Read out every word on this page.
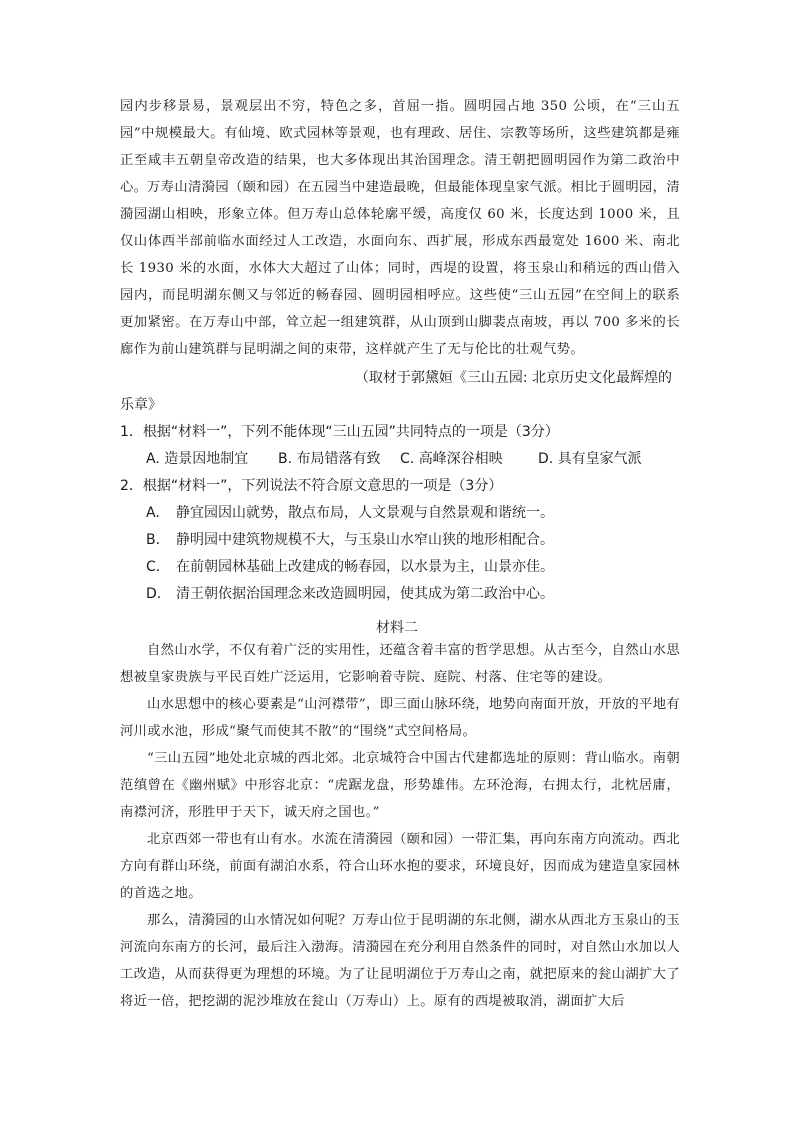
园内步移景易，景观层出不穷，特色之多，首屈一指。圆明园占地 350 公顷，在“三山五园”中规模最大。有仙境、欧式园林等景观，也有理政、居住、宗教等场所，这些建筑都是雍正至咸丰五朝皇帝改造的结果，也大多体现出其治国理念。清王朝把圆明园作为第二政治中心。 万寿山清漪园（颐和园）在五园当中建造最晚，但最能体现皇家气派。相比于圆明园，清漪园湖山相映，形象立体。但万寿山总体轮廓平缓，高度仅 60 米，长度达到 1000 米，且仅山体西半部前临水面经过人工改造，水面向东、西扩展，形成东西最宽处 1600 米、南北长 1930 米的水面，水体大大超过了山体；同时，西堤的设置，将玉泉山和稍远的西山借入园内，而昆明湖东侧又与邻近的畅春园、圆明园相呼应。这些使“三山五园”在空间上的联系更加紧密。在万寿山中部，耸立起一组建筑群，从山顶到山脚裴点南坡，再以 700 多米的长廊作为前山建筑群与昆明湖之间的束带，这样就产生了无与伦比的壮观气势。

（取材于郭黛姮《三山五园: 北京历史文化最辉煌的
乐章》

1．根据“材料一”，下列不能体现“三山五园”共同特点的一项是（3分）

A. 造景因地制宜 B. 布局错落有致 C. 高峰深谷相映	D. 具有皇家气派

2．根据“材料一”，下列说法不符合原文意思的一项是（3分）

A. 静宜园因山就势，散点布局，人文景观与自然景观和谐统一。
B. 静明园中建筑物规模不大，与玉泉山水窄山狭的地形相配合。
C. 在前朝园林基础上改建成的畅春园，以水景为主，山景亦佳。
D. 清王朝依据治国理念来改造圆明园，使其成为第二政治中心。

材料二

自然山水学，不仅有着广泛的实用性，还蕴含着丰富的哲学思想。从古至今，自然山水思想被皇家贵族与平民百姓广泛运用，它影响着寺院、庭院、村落、住宅等的建设。

山水思想中的核心要素是“山河襟带”，即三面山脉环绕，地势向南面开放，开放的平地有河川或水池，形成“聚气而使其不散”的“围绕”式空间格局。

“三山五园”地处北京城的西北郊。北京城符合中国古代建都选址的原则：背山临水。南朝范缜曾在《幽州赋》中形容北京：“虎踞龙盘，形势雄伟。左环沧海，右拥太行，北枕居庸，南襟河济，形胜甲于天下，诚天府之国也。”

北京西郊一带也有山有水。水流在清漪园（颐和园）一带汇集，再向东南方向流动。西北方向有群山环绕，前面有湖泊水系，符合山环水抱的要求，环境良好，因而成为建造皇家园林的首选之地。

那么，清漪园的山水情况如何呢？万寿山位于昆明湖的东北侧，湖水从西北方玉泉山的玉河流向东南方的长河，最后注入渤海。清漪园在充分利用自然条件的同时，对自然山水加以人工改造，从而获得更为理想的环境。为了让昆明湖位于万寿山之南，就把原来的瓮山湖扩大了将近一倍，把挖湖的泥沙堆放在瓮山（万寿山）上。原有的西堤被取消，湖面扩大后
